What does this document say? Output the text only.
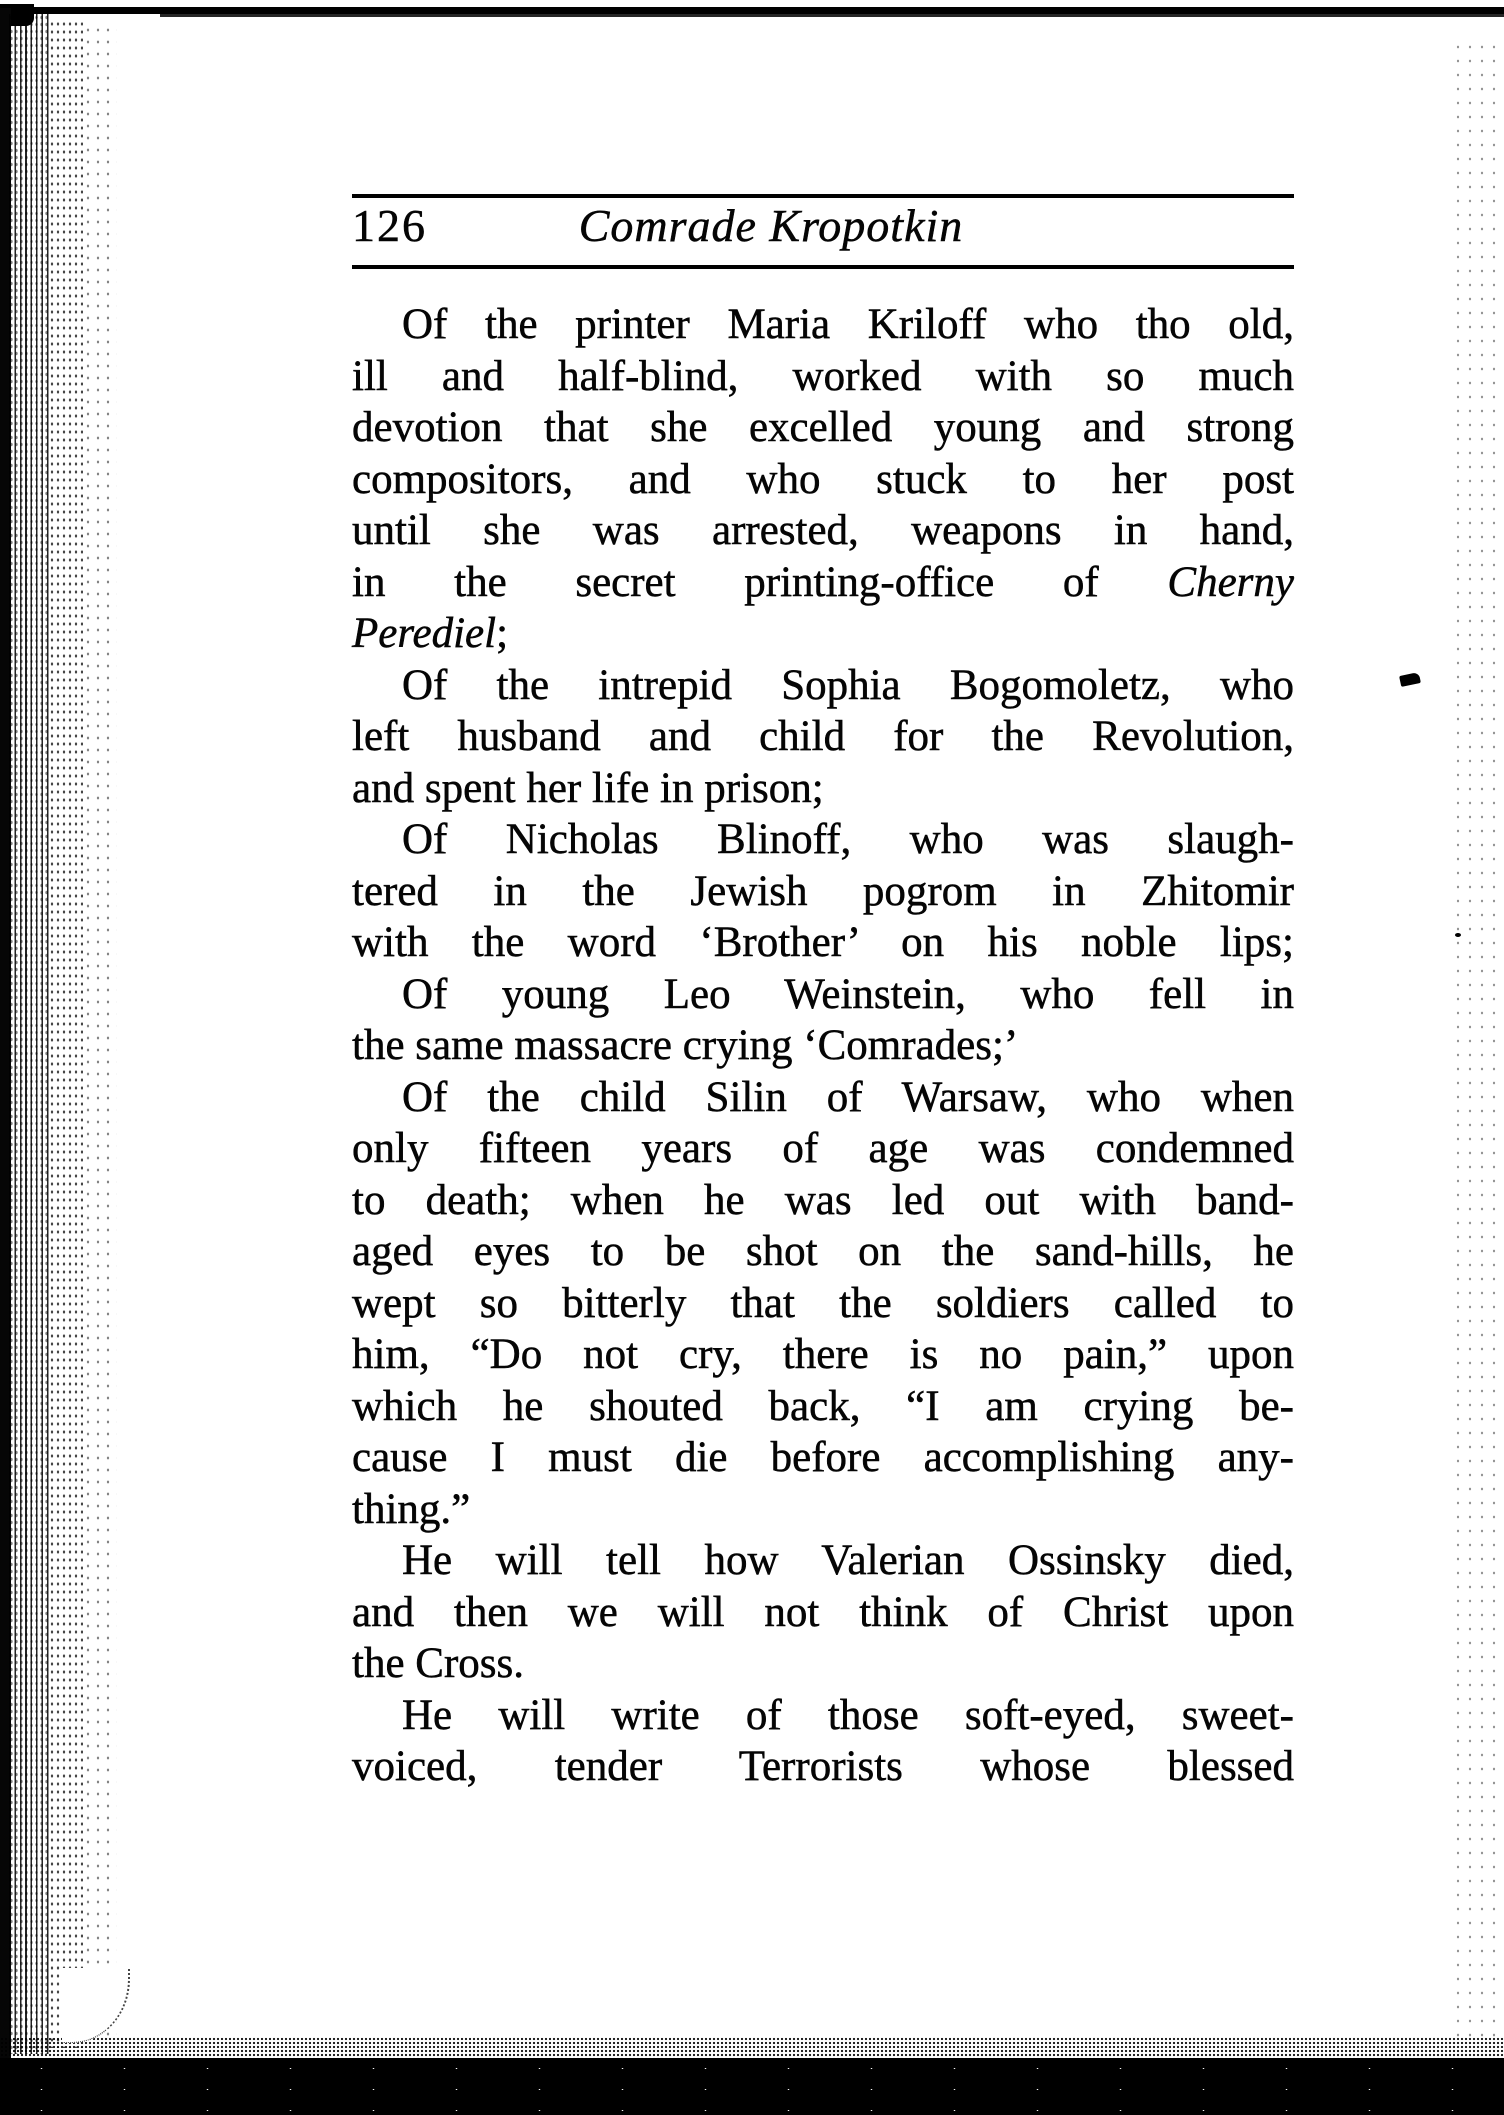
126	Comrade Kropotkin
Of the printer Maria Kriloff who tho old,
ill and half-blind, worked with so much
devotion that she excelled young and strong
compositors, and who stuck to her post
until she was arrested, weapons in hand,
in the secret printing-office of Cherny
Perediel;
Of the intrepid Sophia Bogomoletz, who
left husband and child for the Revolution,
and spent her life in prison;
Of Nicholas Blinoff, who was slaugh-
tered in the Jewish pogrom in Zhitomir
with the word ‘Brother’ on his noble lips;
Of young Leo Weinstein, who fell in
the same massacre crying ‘Comrades;’
Of the child Silin of Warsaw, who when
only fifteen years of age was condemned
to death; when he was led out with band-
aged eyes to be shot on the sand-hills, he
wept so bitterly that the soldiers called to
him, “Do not cry, there is no pain,” upon
which he shouted back, “I am crying be-
cause I must die before accomplishing any-
thing.”
He will tell how Valerian Ossinsky died,
and then we will not think of Christ upon
the Cross.
He will write of those soft-eyed, sweet-
voiced, tender Terrorists whose blessed
